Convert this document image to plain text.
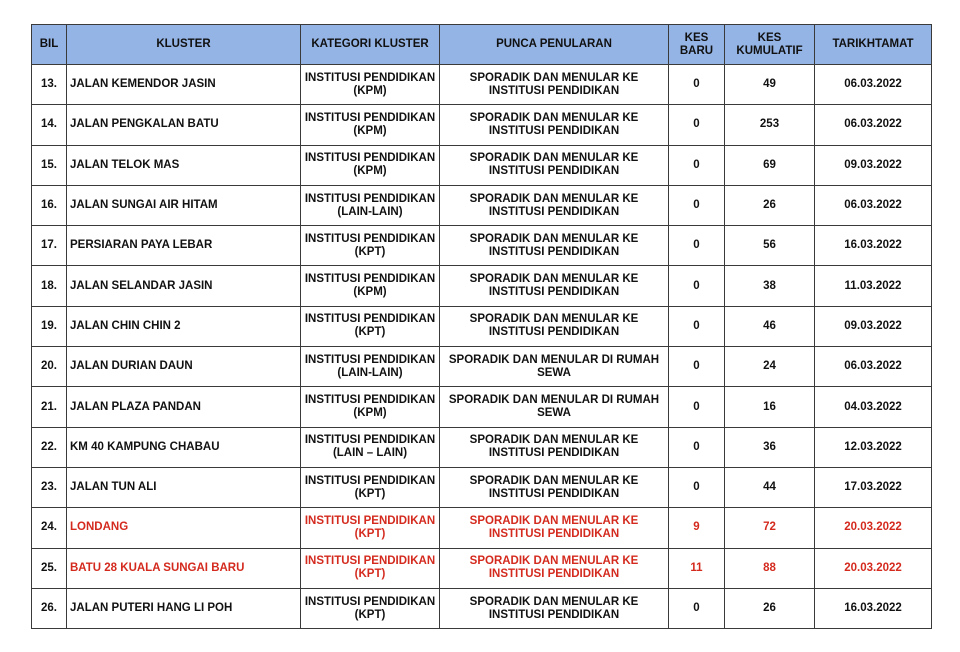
BIL	KLUSTER	KATEGORI KLUSTER	PUNCA PENULARAN	KES BARU	KES KUMULATIF	TARIKHTAMAT
13.	JALAN KEMENDOR JASIN	INSTITUSI PENDIDIKAN (KPM)	SPORADIK DAN MENULAR KE INSTITUSI PENDIDIKAN	0	49	06.03.2022
14.	JALAN PENGKALAN BATU	INSTITUSI PENDIDIKAN (KPM)	SPORADIK DAN MENULAR KE INSTITUSI PENDIDIKAN	0	253	06.03.2022
15.	JALAN TELOK MAS	INSTITUSI PENDIDIKAN (KPM)	SPORADIK DAN MENULAR KE INSTITUSI PENDIDIKAN	0	69	09.03.2022
16.	JALAN SUNGAI AIR HITAM	INSTITUSI PENDIDIKAN (LAIN-LAIN)	SPORADIK DAN MENULAR KE INSTITUSI PENDIDIKAN	0	26	06.03.2022
17.	PERSIARAN PAYA LEBAR	INSTITUSI PENDIDIKAN (KPT)	SPORADIK DAN MENULAR KE INSTITUSI PENDIDIKAN	0	56	16.03.2022
18.	JALAN SELANDAR JASIN	INSTITUSI PENDIDIKAN (KPM)	SPORADIK DAN MENULAR KE INSTITUSI PENDIDIKAN	0	38	11.03.2022
19.	JALAN CHIN CHIN 2	INSTITUSI PENDIDIKAN (KPT)	SPORADIK DAN MENULAR KE INSTITUSI PENDIDIKAN	0	46	09.03.2022
20.	JALAN DURIAN DAUN	INSTITUSI PENDIDIKAN (LAIN-LAIN)	SPORADIK DAN MENULAR DI RUMAH SEWA	0	24	06.03.2022
21.	JALAN PLAZA PANDAN	INSTITUSI PENDIDIKAN (KPM)	SPORADIK DAN MENULAR DI RUMAH SEWA	0	16	04.03.2022
22.	KM 40 KAMPUNG CHABAU	INSTITUSI PENDIDIKAN (LAIN – LAIN)	SPORADIK DAN MENULAR KE INSTITUSI PENDIDIKAN	0	36	12.03.2022
23.	JALAN TUN ALI	INSTITUSI PENDIDIKAN (KPT)	SPORADIK DAN MENULAR KE INSTITUSI PENDIDIKAN	0	44	17.03.2022
24.	LONDANG	INSTITUSI PENDIDIKAN (KPT)	SPORADIK DAN MENULAR KE INSTITUSI PENDIDIKAN	9	72	20.03.2022
25.	BATU 28 KUALA SUNGAI BARU	INSTITUSI PENDIDIKAN (KPT)	SPORADIK DAN MENULAR KE INSTITUSI PENDIDIKAN	11	88	20.03.2022
26.	JALAN PUTERI HANG LI POH	INSTITUSI PENDIDIKAN (KPT)	SPORADIK DAN MENULAR KE INSTITUSI PENDIDIKAN	0	26	16.03.2022
